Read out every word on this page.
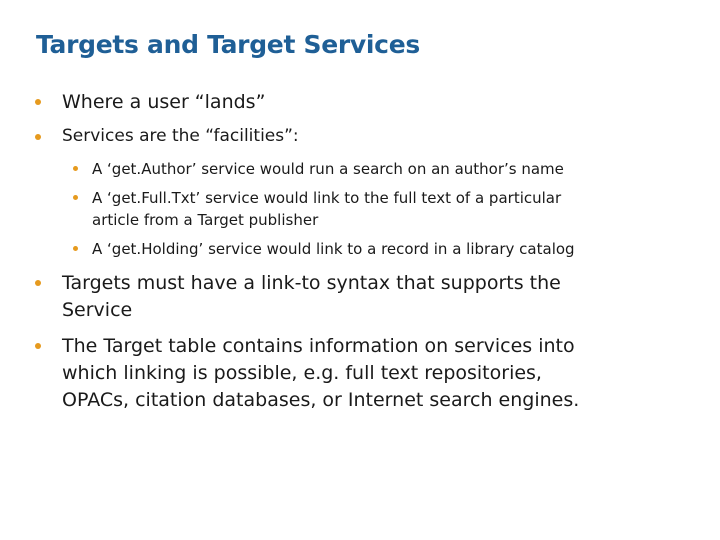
Targets and Target Services
Where a user “lands”
Services are the “facilities”:
A ‘get.Author’ service would run a search on an author’s name
A ‘get.Full.Txt’ service would link to the full text of a particular
article from a Target publisher
A ‘get.Holding’ service would link to a record in a library catalog
Targets must have a link-to syntax that supports the
Service
The Target table contains information on services into
which linking is possible, e.g. full text repositories,
OPACs, citation databases, or Internet search engines.
